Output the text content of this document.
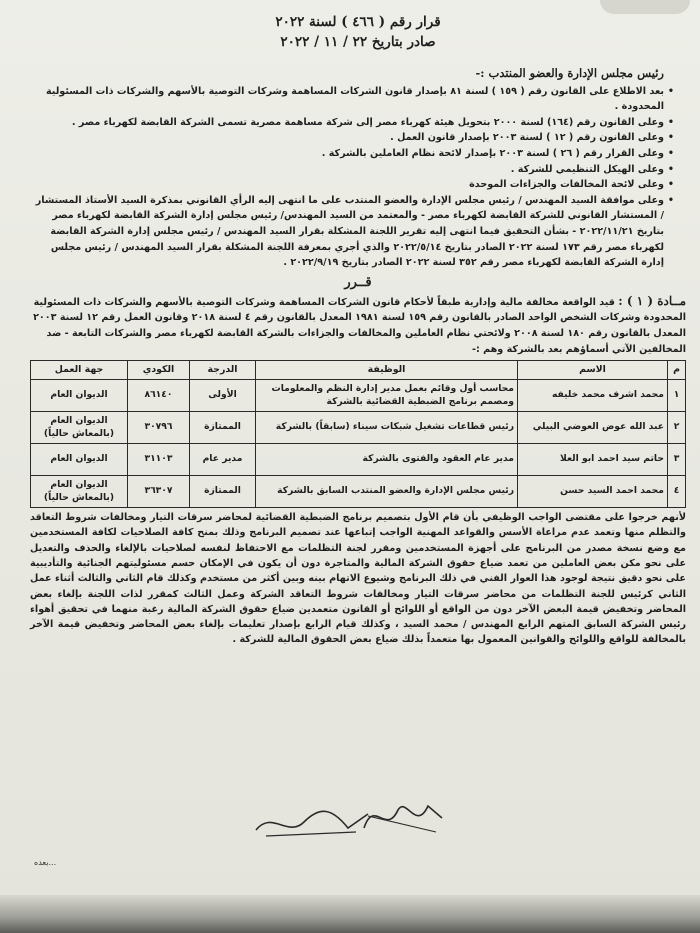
قرار رقم ( ٤٦٦ ) لسنة ٢٠٢٢
صادر بتاريخ ٢٢ / ١١ / ٢٠٢٢
رئيس مجلس الإدارة والعضو المنتدب :-
• بعد الاطلاع على القانون رقم ( ١٥٩ ) لسنة ٨١ بإصدار قانون الشركات المساهمة وشركات التوصية بالأسهم والشركات ذات المسئولية المحدودة .
• وعلى القانون رقم (١٦٤) لسنة ٢٠٠٠ بتحويل هيئة كهرباء مصر إلى شركة مساهمة مصرية تسمى الشركة القابضة لكهرباء مصر .
• وعلى القانون رقم ( ١٢ ) لسنة ٢٠٠٣ بإصدار قانون العمل .
• وعلى القرار رقم ( ٢٦ ) لسنة ٢٠٠٣ بإصدار لائحة نظام العاملين بالشركة .
• وعلى الهيكل التنظيمي للشركة .
• وعلى لائحة المخالفات والجزاءات الموحدة
• وعلى موافقة السيد المهندس / رئيس مجلس الإدارة والعضو المنتدب على ما انتهى إليه الرأي القانوني بمذكرة السيد الأستاذ المستشار / المستشار القانوني للشركة القابضة لكهرباء مصر - والمعتمد من السيد المهندس/ رئيس مجلس إدارة الشركة القابضة لكهرباء مصر بتاريخ ٢٠٢٢/١١/٢١ - بشأن التحقيق فيما انتهى إليه تقرير اللجنة المشكلة بقرار السيد المهندس / رئيس مجلس إدارة الشركة القابضة لكهرباء مصر رقم ١٧٣ لسنة ٢٠٢٢ الصادر بتاريخ ٢٠٢٢/٥/١٤ والذي أجري بمعرفة اللجنة المشكلة بقرار السيد المهندس / رئيس مجلس إدارة الشركة القابضة لكهرباء مصر رقم ٣٥٢ لسنة ٢٠٢٢ الصادر بتاريخ ٢٠٢٢/٩/١٩ .
قــرر
مــادة ( ١ ) : قيد الواقعة مخالفة مالية وإدارية طبقاً لأحكام قانون الشركات المساهمة وشركات التوصية بالأسهم والشركات ذات المسئولية المحدودة وشركات الشخص الواحد الصادر بالقانون رقم ١٥٩ لسنة ١٩٨١ المعدل بالقانون رقم ٤ لسنة ٢٠١٨ وقانون العمل رقم ١٢ لسنة ٢٠٠٣ المعدل بالقانون رقم ١٨٠ لسنة ٢٠٠٨ ولائحتي نظام العاملين والمخالفات والجزاءات بالشركة القابضة لكهرباء مصر والشركات التابعة - ضد المخالفين الآتي أسماؤهم بعد بالشركة وهم :-
م	الاسم	الوظيفة	الدرجة	الكودي	جهة العمل
١	محمد اشرف محمد خليفه	محاسب أول وقائم بعمل مدير إدارة النظم والمعلومات ومصمم برنامج الضبطية القضائية بالشركة	الأولى	٨٦١٤٠	الديوان العام
٢	عبد الله عوض العوضي البيلي	رئيس قطاعات تشغيل شبكات سيناء (سابقاً) بالشركة	الممتازة	٣٠٧٩٦	الديوان العام (بالمعاش حالياً)
٣	حاتم سيد احمد ابو العلا	مدير عام العقود والفتوى بالشركة	مدير عام	٣١١٠٣	الديوان العام
٤	محمد احمد السيد حسن	رئيس مجلس الإدارة والعضو المنتدب السابق بالشركة	الممتازة	٣٦٣٠٧	الديوان العام (بالمعاش حالياً)
لأنهم خرجوا على مقتضى الواجب الوظيفي بأن قام الأول بتصميم برنامج الضبطية القضائية لمحاضر سرقات التيار ومخالفات شروط التعاقد والتظلم منها وتعمد عدم مراعاة الأسس والقواعد المهنية الواجب إتباعها عند تصميم البرنامج وذلك بمنح كافة الصلاحيات لكافة المستخدمين مع وضع نسخة مصدر من البرنامج على أجهزة المستخدمين ومقرر لجنة التظلمات مع الاحتفاظ لنفسه لصلاحيات بالإلغاء والحذف والتعديل على نحو مكن بعض العاملين من تعمد ضياع حقوق الشركة المالية والمتاجرة دون أن يكون في الإمكان حسم مسئوليتهم الجنائية والتأديبية على نحو دقيق نتيجة لوجود هذا العوار الفني في ذلك البرنامج وشيوع الاتهام بينه وبين أكثر من مستخدم وكذلك قام الثاني والثالث أثناء عمل الثاني كرئيس للجنة التظلمات من محاضر سرقات التيار ومخالفات شروط التعاقد الشركة وعمل الثالث كمقرر لذات اللجنة بإلغاء بعض المحاضر وتخفيض قيمة البعض الآخر دون من الواقع أو اللوائح أو القانون متعمدين ضياع حقوق الشركة المالية رغبة منهما في تحقيق أهواء رئيس الشركة السابق المتهم الرابع المهندس / محمد السيد ، وكذلك قيام الرابع بإصدار تعليمات بإلغاء بعض المحاضر وتخفيض قيمة الآخر بالمخالفة للواقع واللوائح والقوانين المعمول بها متعمداً بذلك ضياع بعض الحقوق المالية للشركة .
بعده...
